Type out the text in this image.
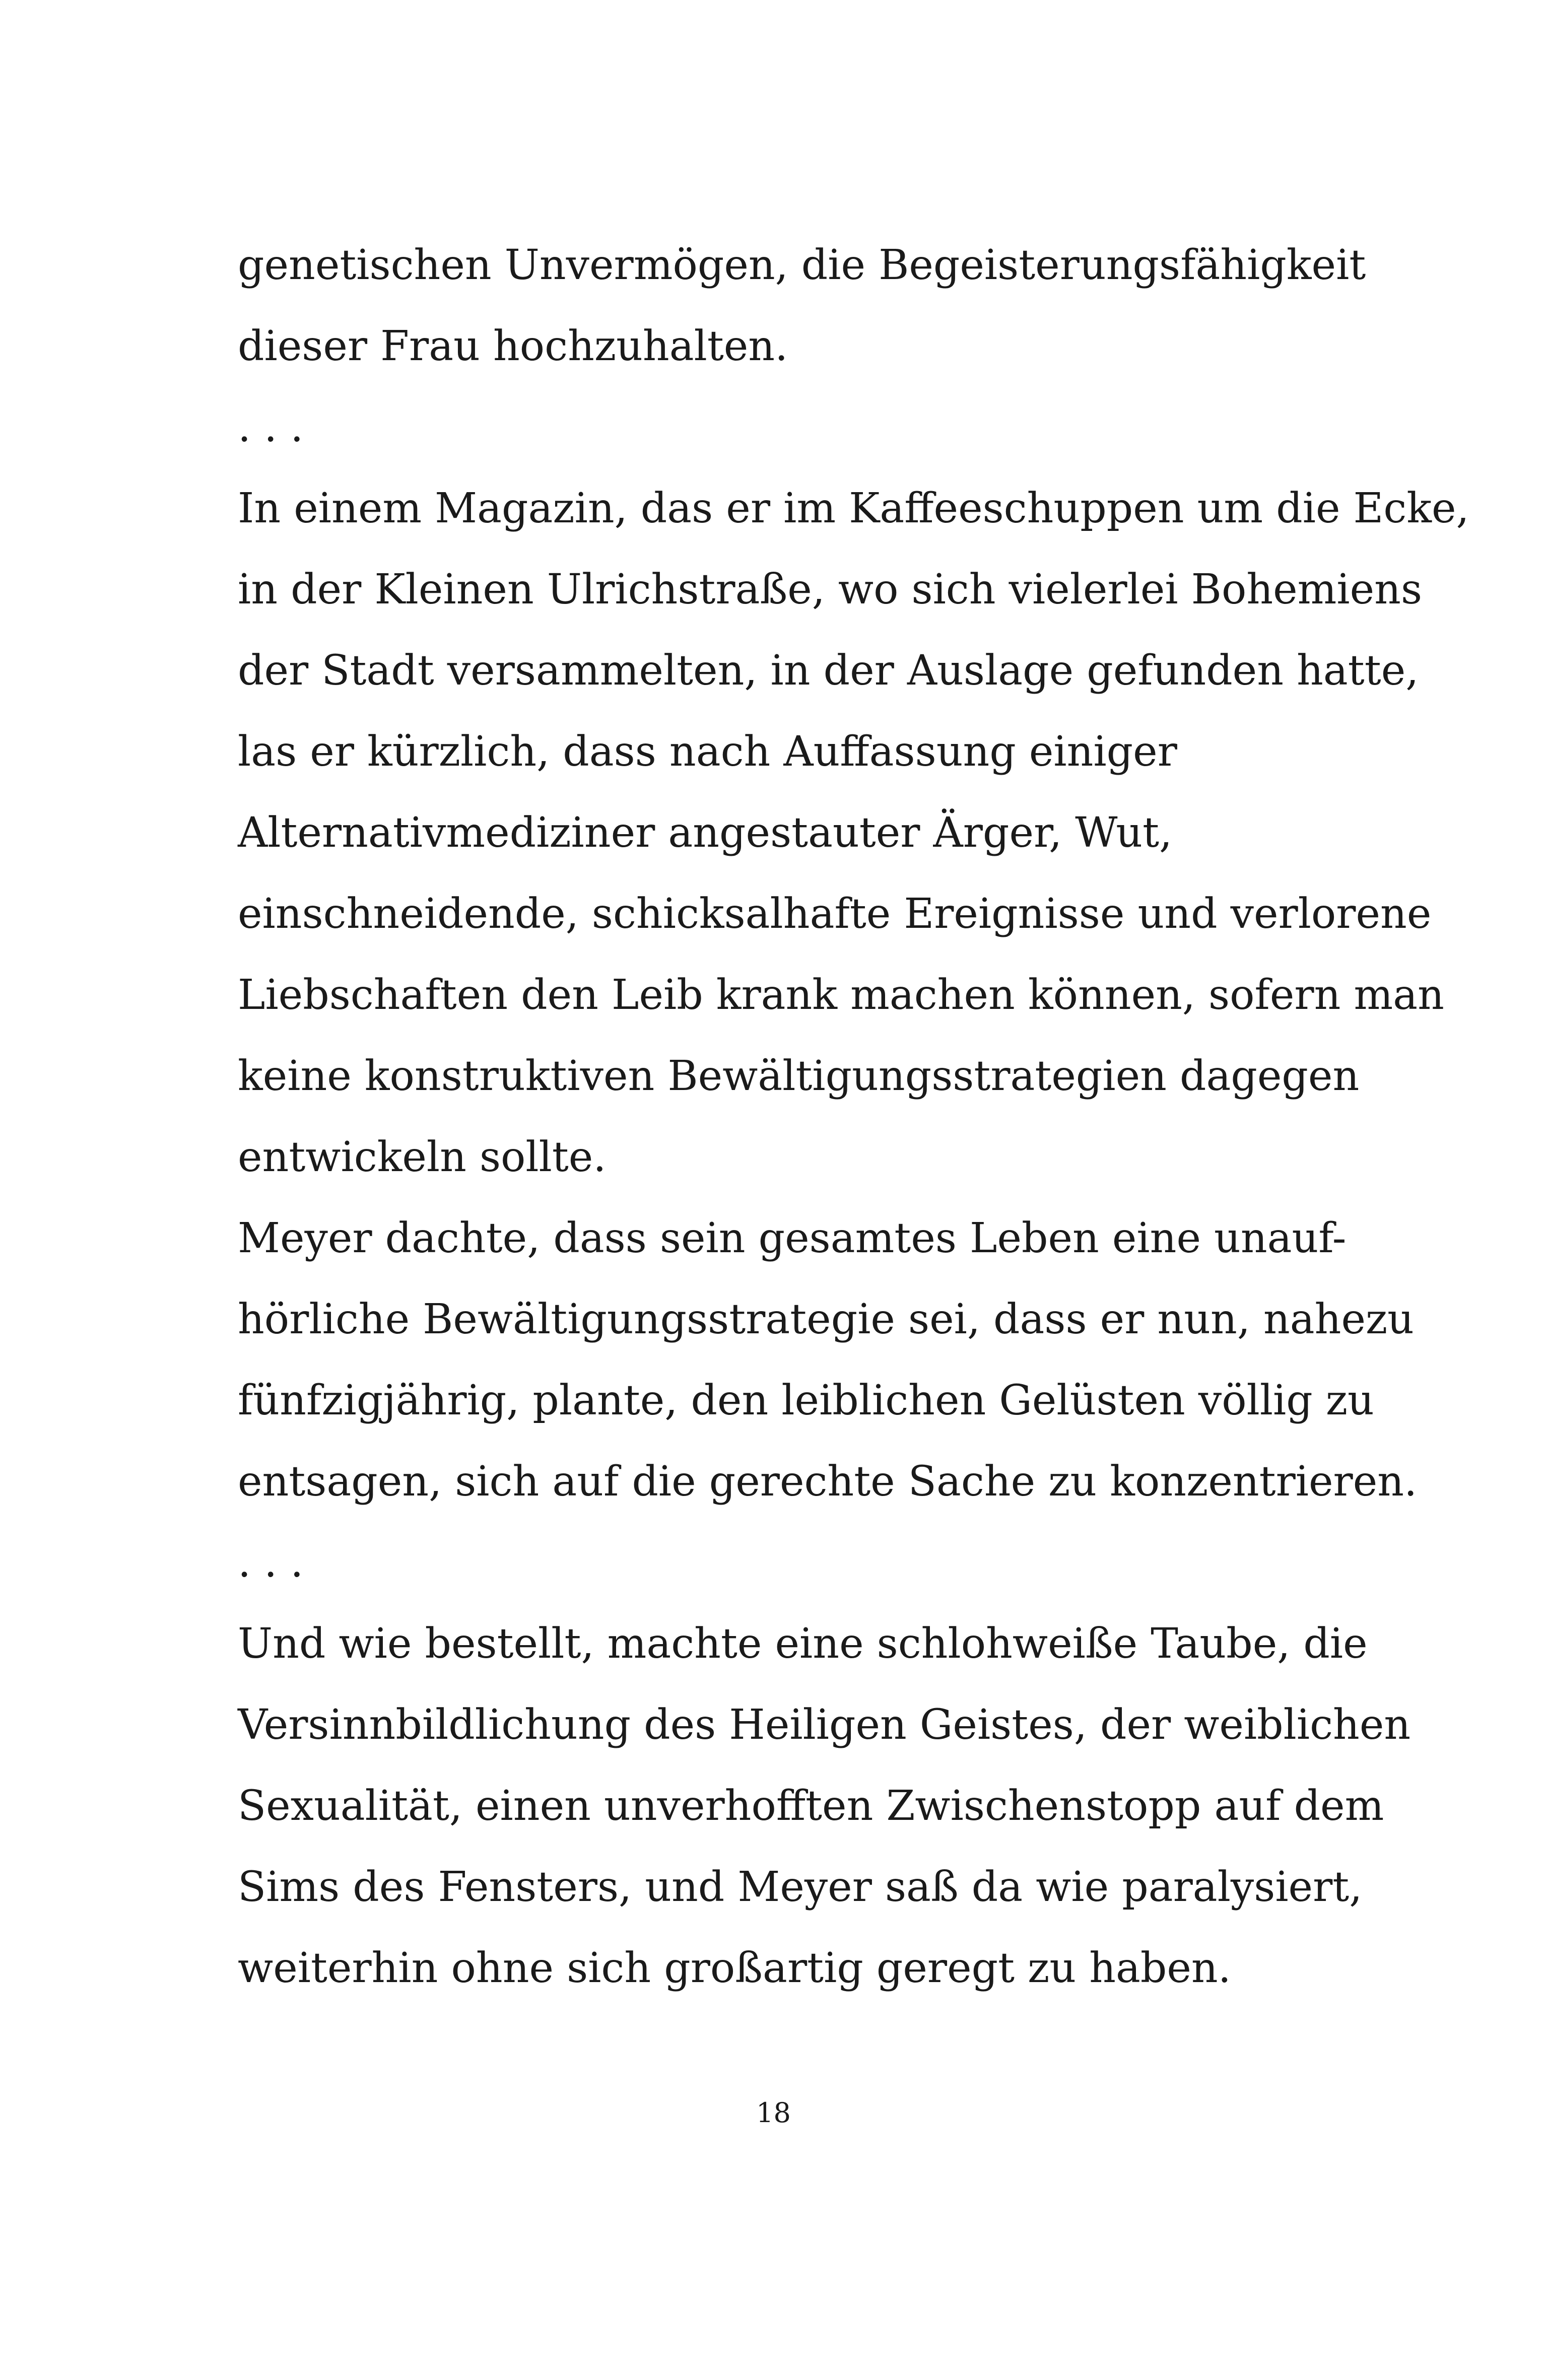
genetischen Unvermögen, die Begeisterungsfähigkeit
dieser Frau hochzuhalten.
. . .
In einem Magazin, das er im Kaffeeschuppen um die Ecke,
in der Kleinen Ulrichstraße, wo sich vielerlei Bohemiens
der Stadt versammelten, in der Auslage gefunden hatte,
las er kürzlich, dass nach Auffassung einiger
Alternativmediziner angestauter Ärger, Wut,
einschneidende, schicksalhafte Ereignisse und verlorene
Liebschaften den Leib krank machen können, sofern man
keine konstruktiven Bewältigungsstrategien dagegen
entwickeln sollte.
Meyer dachte, dass sein gesamtes Leben eine unauf-
hörliche Bewältigungsstrategie sei, dass er nun, nahezu
fünfzigjährig, plante, den leiblichen Gelüsten völlig zu
entsagen, sich auf die gerechte Sache zu konzentrieren.
. . .
Und wie bestellt, machte eine schlohweiße Taube, die
Versinnbildlichung des Heiligen Geistes, der weiblichen
Sexualität, einen unverhofften Zwischenstopp auf dem
Sims des Fensters, und Meyer saß da wie paralysiert,
weiterhin ohne sich großartig geregt zu haben.
18
